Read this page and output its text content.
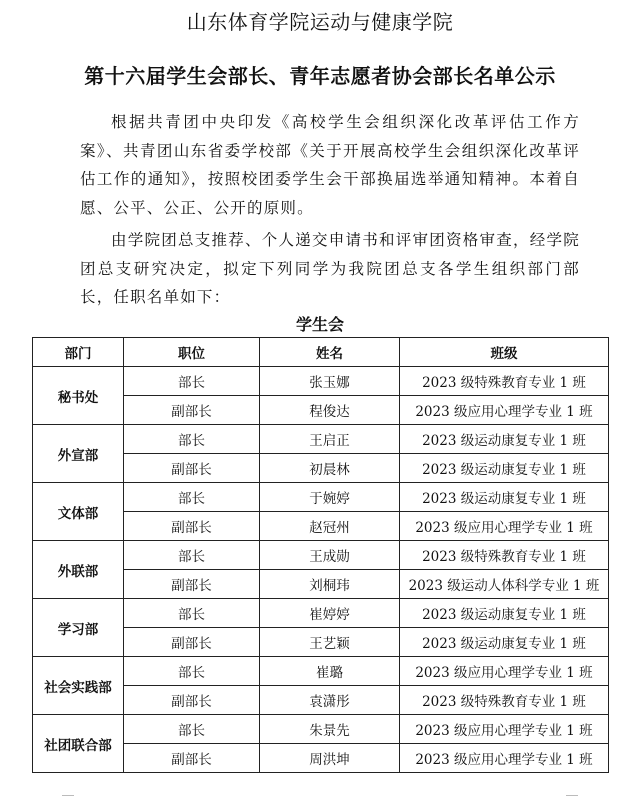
山东体育学院运动与健康学院
第十六届学生会部长、青年志愿者协会部长名单公示
根据共青团中央印发《高校学生会组织深化改革评估工作方案》、共青团山东省委学校部《关于开展高校学生会组织深化改革评估工作的通知》，按照校团委学生会干部换届选举通知精神。本着自愿、公平、公正、公开的原则。
由学院团总支推荐、个人递交申请书和评审团资格审查，经学院团总支研究决定，拟定下列同学为我院团总支各学生组织部门部长，任职名单如下：
学生会
部门	职位	姓名	班级
秘书处	部长	张玉娜	2023 级特殊教育专业 1 班
	副部长	程俊达	2023 级应用心理学专业 1 班
外宣部	部长	王启正	2023 级运动康复专业 1 班
	副部长	初晨林	2023 级运动康复专业 1 班
文体部	部长	于婉婷	2023 级运动康复专业 1 班
	副部长	赵冠州	2023 级应用心理学专业 1 班
外联部	部长	王成勋	2023 级特殊教育专业 1 班
	副部长	刘桐玮	2023 级运动人体科学专业 1 班
学习部	部长	崔婷婷	2023 级运动康复专业 1 班
	副部长	王艺颖	2023 级运动康复专业 1 班
社会实践部	部长	崔璐	2023 级应用心理学专业 1 班
	副部长	袁潇彤	2023 级特殊教育专业 1 班
社团联合部	部长	朱景先	2023 级应用心理学专业 1 班
	副部长	周洪坤	2023 级应用心理学专业 1 班
